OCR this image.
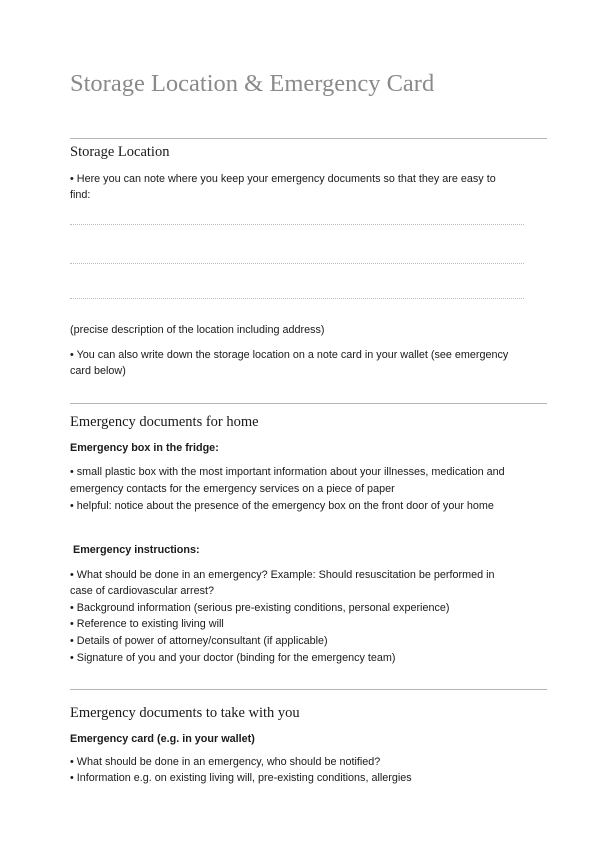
Storage Location & Emergency Card
Storage Location

• Here you can note where you keep your emergency documents so that they are easy to

find:

(precise description of the location including address)

• You can also write down the storage location on a note card in your wallet (see emergency

card below)

Emergency documents for home

Emergency box in the fridge:

• small plastic box with the most important information about your illnesses, medication and

emergency contacts for the emergency services on a piece of paper

• helpful: notice about the presence of the emergency box on the front door of your home

Emergency instructions:

• What should be done in an emergency? Example: Should resuscitation be performed in

case of cardiovascular arrest?

• Background information (serious pre-existing conditions, personal experience)

• Reference to existing living will

• Details of power of attorney/consultant (if applicable)

• Signature of you and your doctor (binding for the emergency team)

Emergency documents to take with you

Emergency card (e.g. in your wallet)

• What should be done in an emergency, who should be notified?

• Information e.g. on existing living will, pre-existing conditions, allergies
